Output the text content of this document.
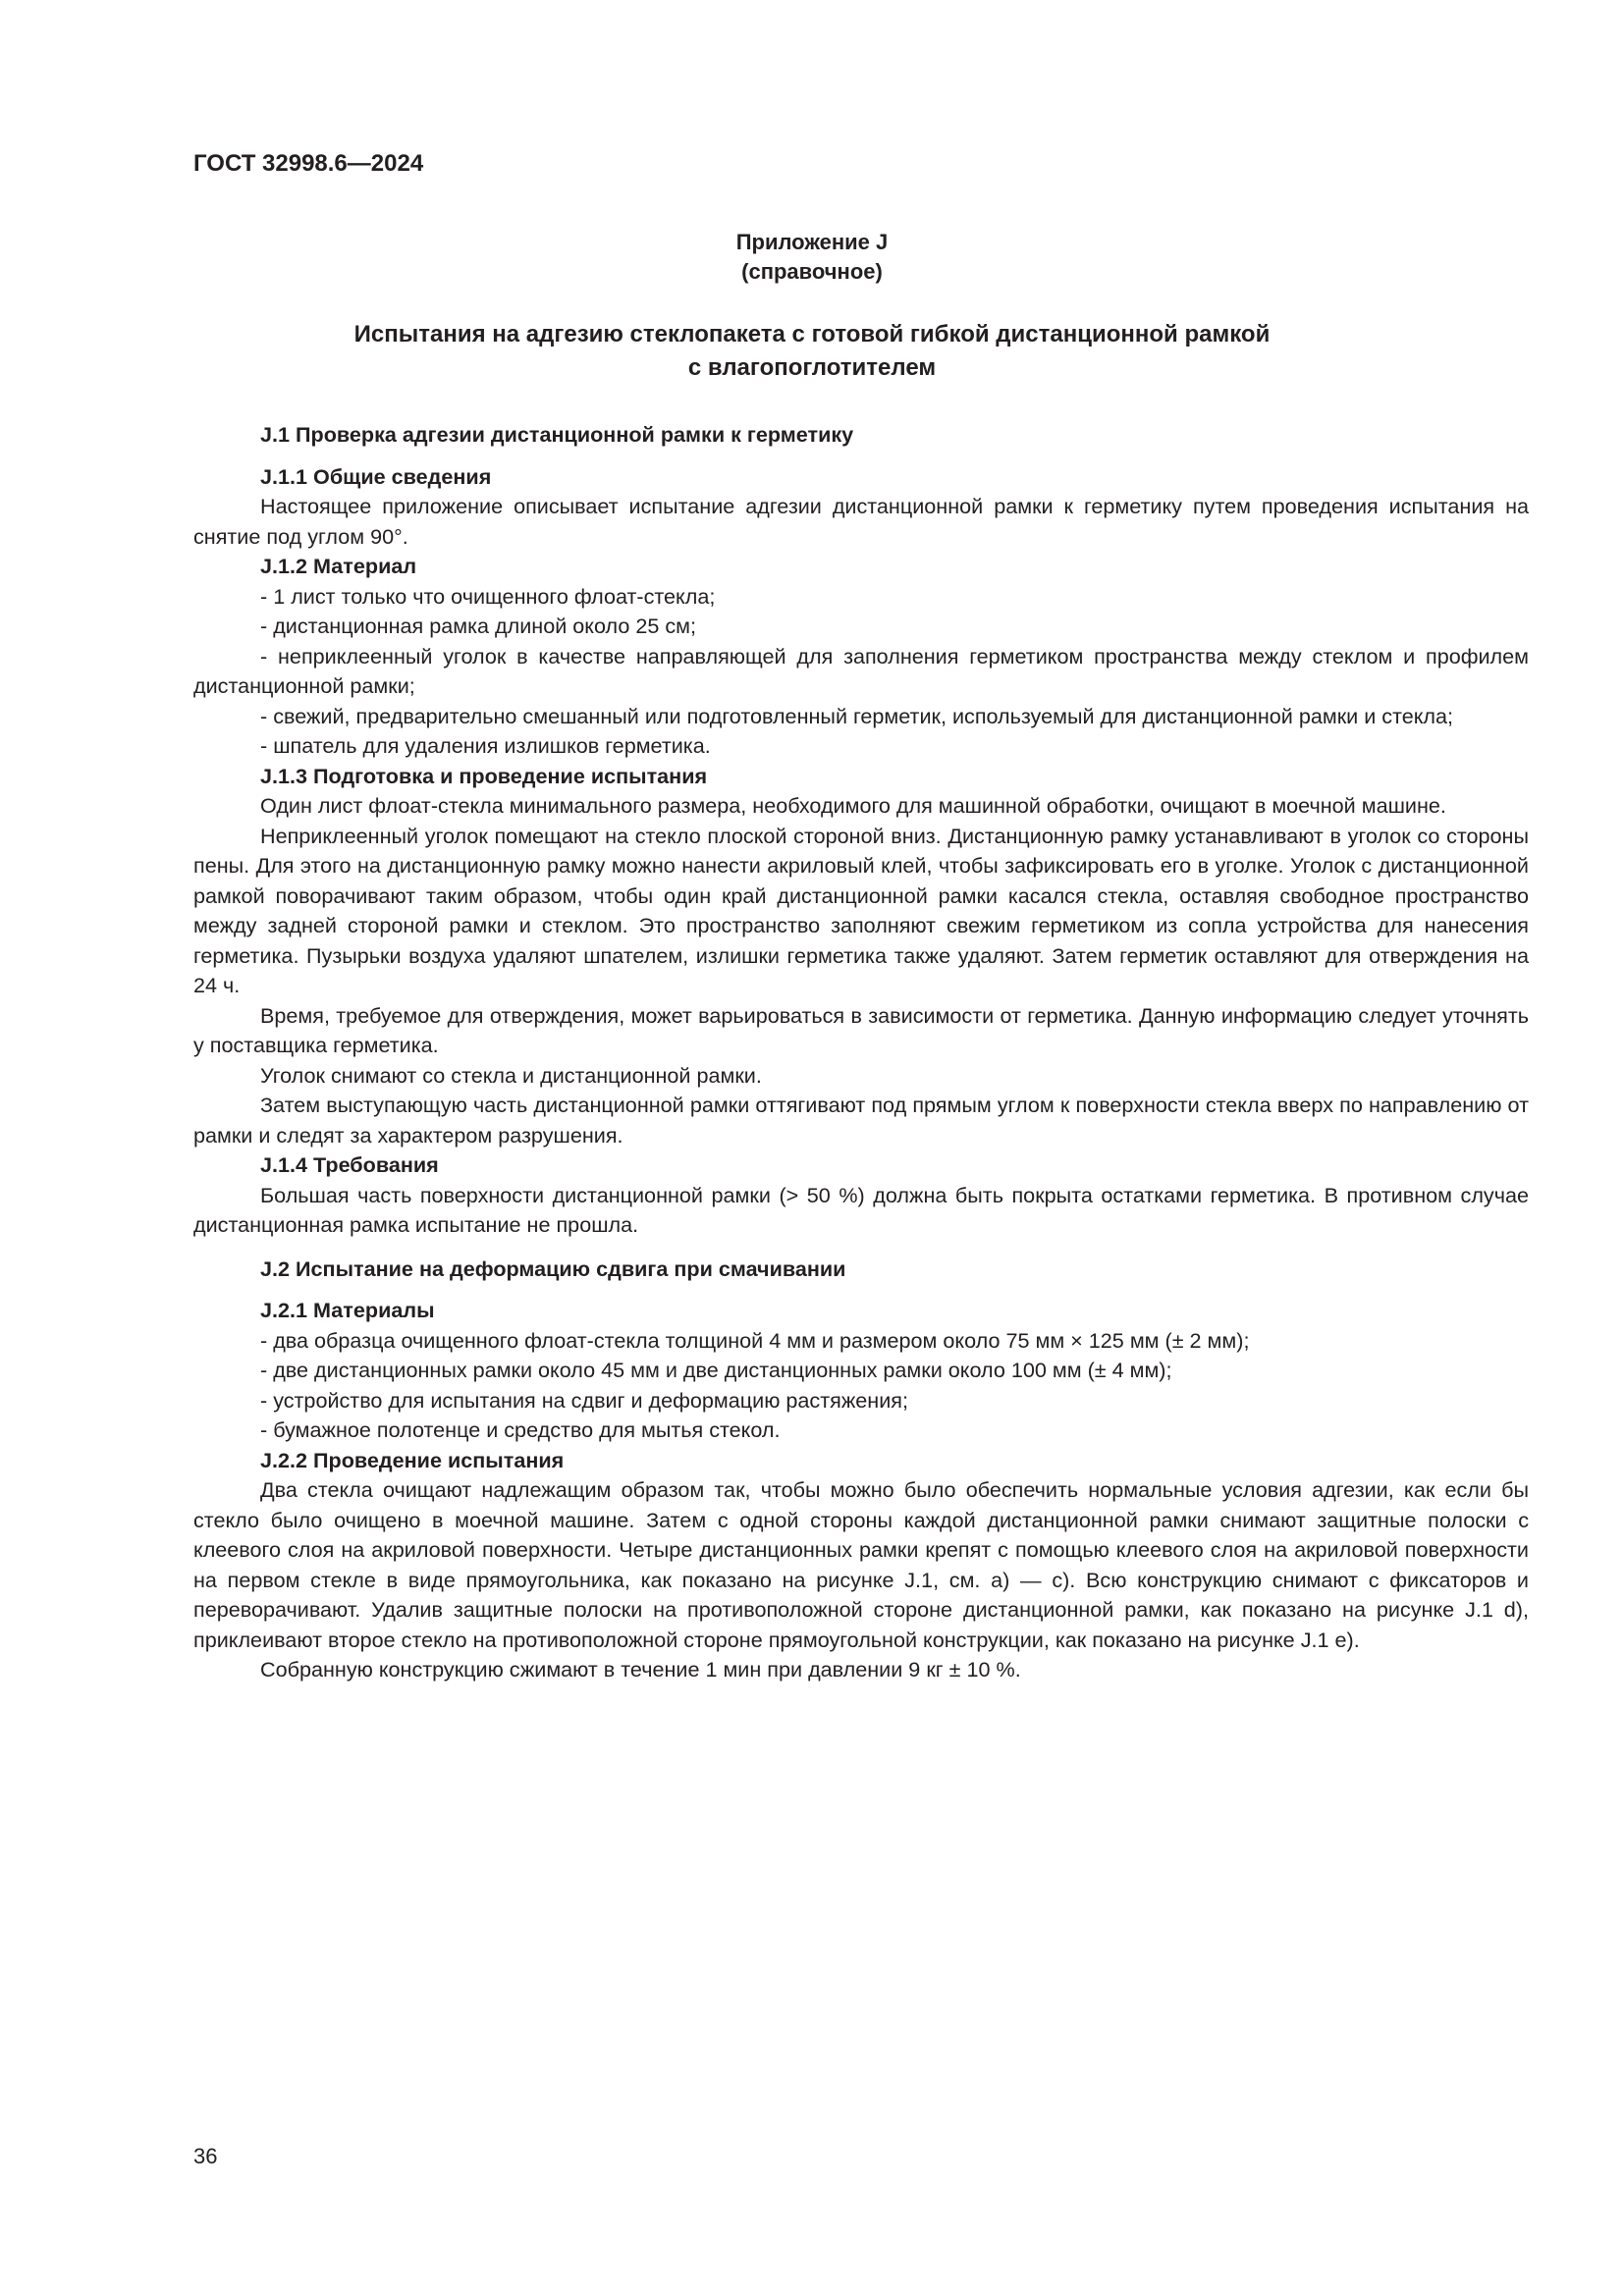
ГОСТ 32998.6—2024
Приложение J
(справочное)
Испытания на адгезию стеклопакета с готовой гибкой дистанционной рамкой
с влагопоглотителем

J.1 Проверка адгезии дистанционной рамки к герметику

J.1.1 Общие сведения

Настоящее приложение описывает испытание адгезии дистанционной рамки к герметику путем проведения испытания на снятие под углом 90°.

J.1.2 Материал

- 1 лист только что очищенного флоат-стекла;

- дистанционная рамка длиной около 25 см;

- неприклеенный уголок в качестве направляющей для заполнения герметиком пространства между стеклом и профилем дистанционной рамки;

- свежий, предварительно смешанный или подготовленный герметик, используемый для дистанционной рамки и стекла;

- шпатель для удаления излишков герметика.

J.1.3 Подготовка и проведение испытания

Один лист флоат-стекла минимального размера, необходимого для машинной обработки, очищают в моечной машине.

Неприклеенный уголок помещают на стекло плоской стороной вниз. Дистанционную рамку устанавливают в уголок со стороны пены. Для этого на дистанционную рамку можно нанести акриловый клей, чтобы зафиксировать его в уголке. Уголок с дистанционной рамкой поворачивают таким образом, чтобы один край дистанционной рамки касался стекла, оставляя свободное пространство между задней стороной рамки и стеклом. Это пространство заполняют свежим герметиком из сопла устройства для нанесения герметика. Пузырьки воздуха удаляют шпателем, излишки герметика также удаляют. Затем герметик оставляют для отверждения на 24 ч.

Время, требуемое для отверждения, может варьироваться в зависимости от герметика. Данную информацию следует уточнять у поставщика герметика.

Уголок снимают со стекла и дистанционной рамки.

Затем выступающую часть дистанционной рамки оттягивают под прямым углом к поверхности стекла вверх по направлению от рамки и следят за характером разрушения.

J.1.4 Требования

Большая часть поверхности дистанционной рамки (> 50 %) должна быть покрыта остатками герметика. В противном случае дистанционная рамка испытание не прошла.

J.2 Испытание на деформацию сдвига при смачивании

J.2.1 Материалы

- два образца очищенного флоат-стекла толщиной 4 мм и размером около 75 мм × 125 мм (± 2 мм);

- две дистанционных рамки около 45 мм и две дистанционных рамки около 100 мм (± 4 мм);

- устройство для испытания на сдвиг и деформацию растяжения;

- бумажное полотенце и средство для мытья стекол.

J.2.2 Проведение испытания

Два стекла очищают надлежащим образом так, чтобы можно было обеспечить нормальные условия адгезии, как если бы стекло было очищено в моечной машине. Затем с одной стороны каждой дистанционной рамки снимают защитные полоски с клеевого слоя на акриловой поверхности. Четыре дистанционных рамки крепят с помощью клеевого слоя на акриловой поверхности на первом стекле в виде прямоугольника, как показано на рисунке J.1, см. a) — c). Всю конструкцию снимают с фиксаторов и переворачивают. Удалив защитные полоски на противоположной стороне дистанционной рамки, как показано на рисунке J.1 d), приклеивают второе стекло на противоположной стороне прямоугольной конструкции, как показано на рисунке J.1 e).

Собранную конструкцию сжимают в течение 1 мин при давлении 9 кг ± 10 %.

36
